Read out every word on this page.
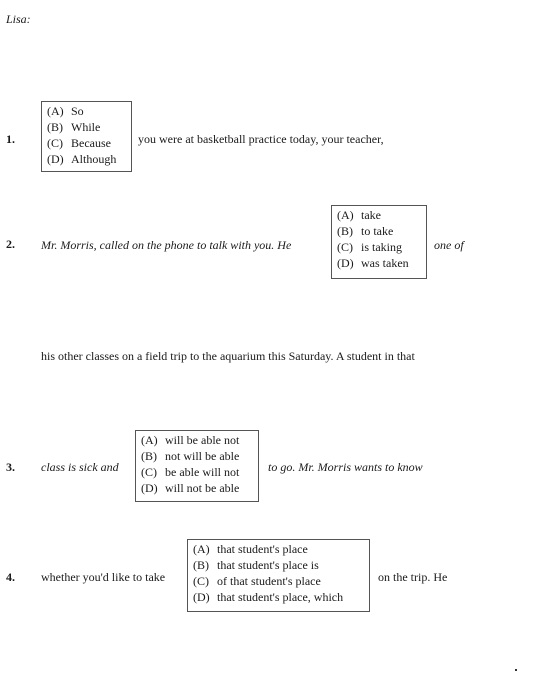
Lisa:
1.
(A) So
(B) While
(C) Because
(D) Although
you were at basketball practice today, your teacher,
2. Mr. Morris, called on the phone to talk with you. He
(A) take
(B) to take
(C) is taking
(D) was taken
one of
his other classes on a field trip to the aquarium this Saturday. A student in that
3. class is sick and
(A) will be able not
(B) not will be able
(C) be able will not
(D) will not be able
to go. Mr. Morris wants to know
4. whether you'd like to take
(A) that student's place
(B) that student's place is
(C) of that student's place
(D) that student's place, which
on the trip. He
